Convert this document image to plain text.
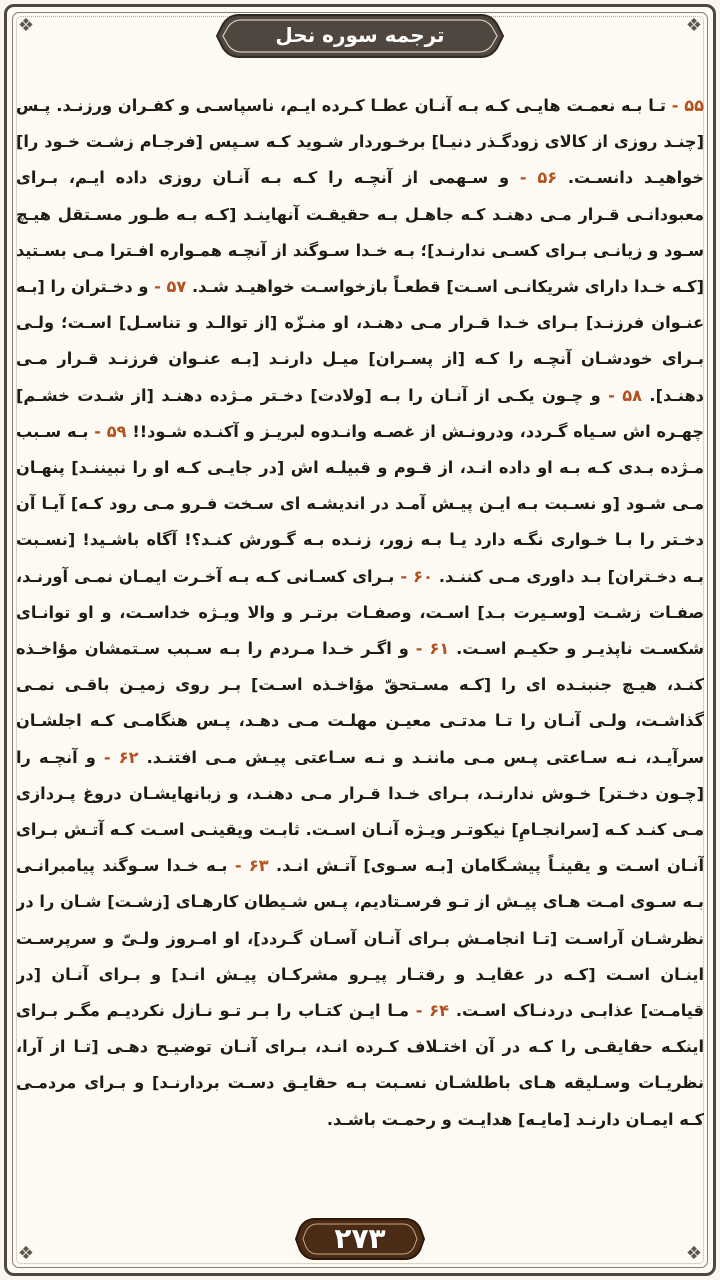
❖	❖
❖	❖
ترجمه سوره نحل
۵۵ - تـا بـه نعمـت هایـی کـه بـه آنـان عطـا کـرده ایـم، ناسپاسـی و کفـران ورزنـد. پـس [چنـد روزی از کالای زودگـذر دنیـا] برخـوردار شـوید کـه سـپس [فرجـام زشـت خـود را] خواهیـد دانسـت. ۵۶ - و سـهمی از آنچـه را کـه بـه آنـان روزی داده ایـم، بـرای معبودانـی قـرار مـی دهنـد کـه جاهـل بـه حقیقـت آنهاینـد [کـه بـه طـور مسـتقل هیـچ سـود و زیانـی بـرای کسـی ندارنـد]؛ بـه خـدا سـوگند از آنچـه همـواره افـترا مـی بسـتید [کـه خـدا دارای شریکانـی اسـت] قطعـاً بازخواسـت خواهیـد شـد. ۵۷ - و دخـتران را [بـه عنـوان فرزنـد] بـرای خـدا قـرار مـی دهنـد، او منـزّه [از توالـد و تناسـل] اسـت؛ ولـی بـرای خودشـان آنچـه را کـه [از پسـران] میـل دارنـد [بـه عنـوان فرزنـد قـرار مـی دهنـد]. ۵۸ - و چـون یکـی از آنـان را بـه [ولادت] دخـتر مـژده دهنـد [از شـدت خشـم] چهـره اش سـیاه گـردد، ودرونـش از غصـه وانـدوه لبریـز و آکنـده شـود!! ۵۹ - بـه سـبب مـژده بـدی کـه بـه او داده انـد، از قـوم و قبیلـه اش [در جایـی کـه او را نبیننـد] پنهـان مـی شـود [و نسـبت بـه ایـن پیـش آمـد در اندیشـه ای سـخت فـرو مـی رود کـه] آیـا آن دخـتر را بـا خـواری نگـه دارد یـا بـه زور، زنـده بـه گـورش کنـد؟! آگاه باشـید! [نسـبت بـه دخـتران] بـد داوری مـی کننـد. ۶۰ - بـرای کسـانی کـه بـه آخـرت ایمـان نمـی آورنـد، صفـات زشـت [وسـیرت بـد] اسـت، وصفـات برتـر و والا ویـژه خداسـت، و او توانـای شکسـت ناپذیـر و حکیـم اسـت. ۶۱ - و اگـر خـدا مـردم را بـه سـبب سـتمشان مؤاخـذه کنـد، هیـچ جنبنـده ای را [کـه مسـتحقّ مؤاخـذه اسـت] بـر روی زمیـن باقـی نمـی گذاشـت، ولـی آنـان را تـا مدتـی معیـن مهلـت مـی دهـد، پـس هنگامـی کـه اجلشـان سرآیـد، نـه سـاعتی پـس مـی ماننـد و نـه سـاعتی پیـش مـی افتنـد. ۶۲ - و آنچـه را [چـون دخـتر] خـوش ندارنـد، بـرای خـدا قـرار مـی دهنـد، و زبانهایشـان دروغ پـردازی مـی کنـد کـه [سرانجـامِ] نیکوتـر ویـژه آنـان اسـت. ثابـت ویقینـی اسـت کـه آتـش بـرای آنـان اسـت و یقینـاً پیشـگامان [بـه سـوی] آتـش انـد. ۶۳ - بـه خـدا سـوگند پیامبرانـی بـه سـوی امـت هـای پیـش از تـو فرسـتادیم، پـس شـیطان کارهـای [زشـت] شـان را در نظرشـان آراسـت [تـا انجامـش بـرای آنـان آسـان گـردد]، او امـروز ولـیّ و سرپرسـت اینـان اسـت [کـه در عقایـد و رفتـار پیـرو مشرکـان پیـش انـد] و بـرای آنـان [در قیامـت] عذابـی دردنـاک اسـت. ۶۴ - مـا ایـن کتـاب را بـر تـو نـازل نکردیـم مگـر بـرای اینکـه حقایقـی را کـه در آن اختـلاف کـرده انـد، بـرای آنـان توضیـح دهـی [تـا از آرا، نظریـات وسـلیقه هـای باطلشـان نسـبت بـه حقایـق دسـت بردارنـد] و بـرای مردمـی کـه ایمـان دارنـد [مایـه] هدایـت و رحمـت باشـد.
۲۷۳
